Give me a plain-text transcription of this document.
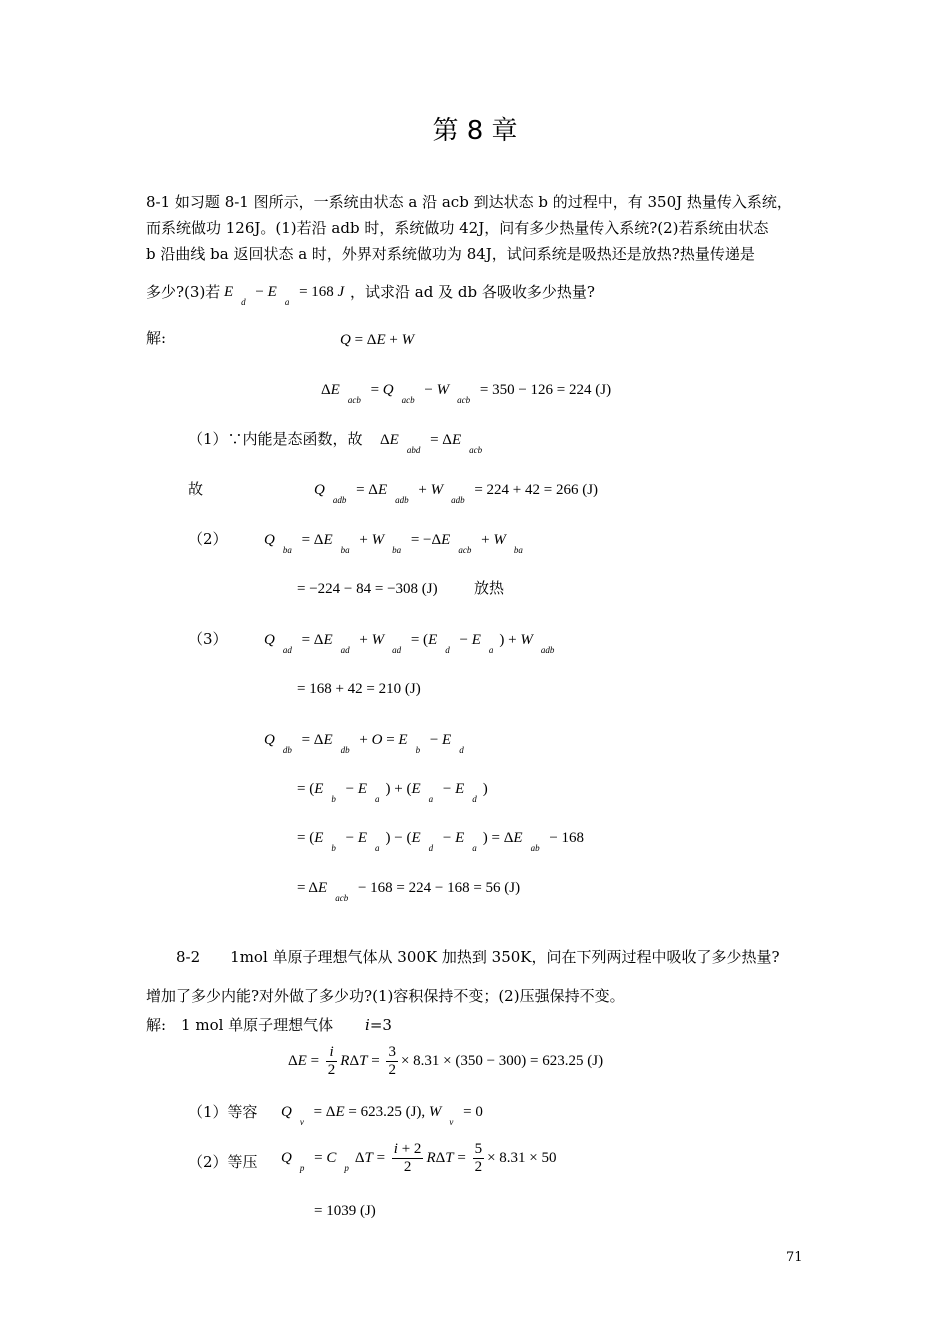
第 8 章
8-1 如习题 8-1 图所示，一系统由状态 a 沿 acb 到达状态 b 的过程中，有 350J 热量传入系统，
而系统做功 126J。(1)若沿 adb 时，系统做功 42J，问有多少热量传入系统?(2)若系统由状态
b 沿曲线 ba 返回状态 a 时，外界对系统做功为 84J，试问系统是吸热还是放热?热量传递是
多少?(3)若 $E_d - E_a = 168$ J ，试求沿 ad 及 db 各吸收多少热量?
解:	Q = ΔE + W
$\Delta E_{acb} = Q_{acb} - W_{acb} = 350 - 126 = 224$ (J)
（1）∵内能是态函数，故 $\Delta E_{abd} = \Delta E_{acb}$
故	$Q_{adb} = \Delta E_{adb} + W_{adb} = 224 + 42 = 266$ (J)
（2） $Q_{ba} = \Delta E_{ba} + W_{ba} = -\Delta E_{acb} + W_{ba}$
= −224 − 84 = −308 (J) 放热
（3） $Q_{ad} = \Delta E_{ad} + W_{ad} = (E_d - E_a) + W_{adb}$
= 168 + 42 = 210 (J)
$Q_{db} = \Delta E_{db} + O = E_b - E_d$
= $(E_b - E_a) + (E_a - E_d)$
= $(E_b - E_a) - (E_d - E_a) = \Delta E_{ab} - 168$
= $\Delta E_{acb} - 168 = 224 - 168 = 56$ (J)
8-2　　1mol 单原子理想气体从 300K 加热到 350K，问在下列两过程中吸收了多少热量?
增加了多少内能?对外做了多少功?(1)容积保持不变；(2)压强保持不变。
解:　1 mol 单原子理想气体 i=3
$\Delta E = \frac{i}{2}$ $R\Delta T = \frac{3}{2} \times 8.31 \times (350 - 300) = 623.25$ (J)
（1）等容 $Q_v = \Delta E = 623.25$ (J), $W_v = 0$
（2）等压 $Q_p = C_p\Delta T = \frac{i + 2}{2}$ $R\Delta T = \frac{5}{2} \times 8.31 \times 50$
= 1039 (J)
71
